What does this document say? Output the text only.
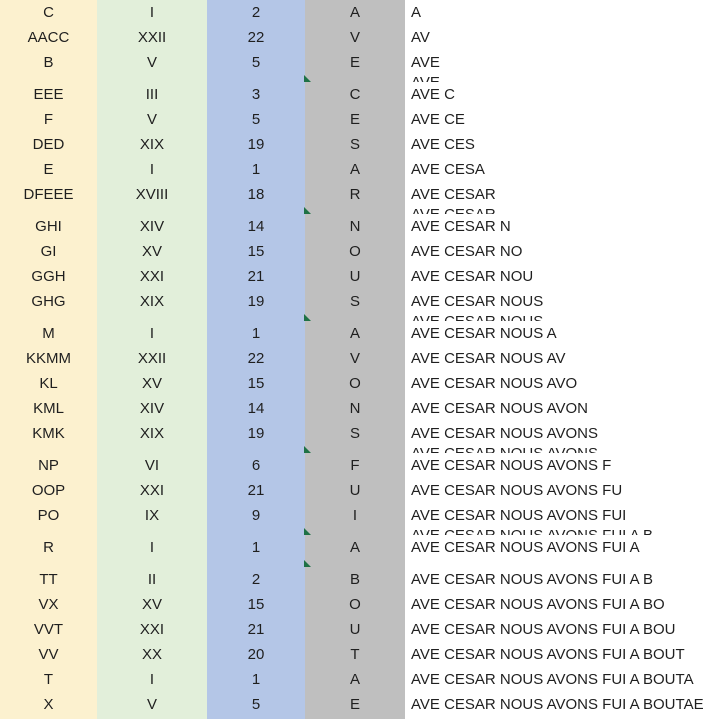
C	I	2	A	A
AACC	XXII	22	V	AV
B	V	5	E	AVE
EEE	III	3	C	AVE C
F	V	5	E	AVE CE
DED	XIX	19	S	AVE CES
E	I	1	A	AVE CESA
DFEEE	XVIII	18	R	AVE CESAR
GHI	XIV	14	N	AVE CESAR N
GI	XV	15	O	AVE CESAR NO
GGH	XXI	21	U	AVE CESAR NOU
GHG	XIX	19	S	AVE CESAR NOUS
M	I	1	A	AVE CESAR NOUS A
KKMM	XXII	22	V	AVE CESAR NOUS AV
KL	XV	15	O	AVE CESAR NOUS AVO
KML	XIV	14	N	AVE CESAR NOUS AVON
KMK	XIX	19	S	AVE CESAR NOUS AVONS
NP	VI	6	F	AVE CESAR NOUS AVONS F
OOP	XXI	21	U	AVE CESAR NOUS AVONS FU
PO	IX	9	I	AVE CESAR NOUS AVONS FUI
R	I	1	A	AVE CESAR NOUS AVONS FUI A
TT	II	2	B	AVE CESAR NOUS AVONS FUI A B
VX	XV	15	O	AVE CESAR NOUS AVONS FUI A BO
VVT	XXI	21	U	AVE CESAR NOUS AVONS FUI A BOU
VV	XX	20	T	AVE CESAR NOUS AVONS FUI A BOUT
T	I	1	A	AVE CESAR NOUS AVONS FUI A BOUTA
X	V	5	E	AVE CESAR NOUS AVONS FUI A BOUTAE
